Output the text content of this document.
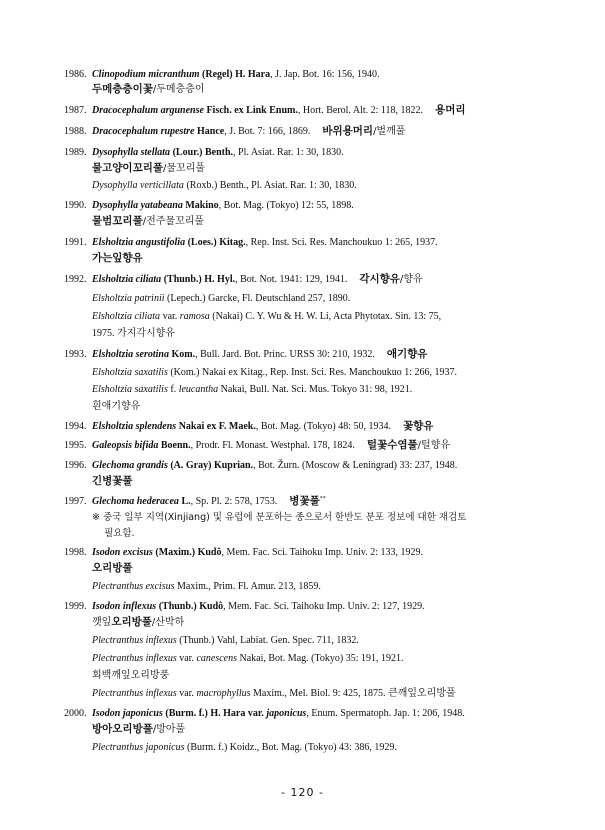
1986. Clinopodium micranthum (Regel) H. Hara, J. Jap. Bot. 16: 156, 1940.
두메층층이꽃/두메층층이
1987. Dracocephalum argunense Fisch. ex Link Enum., Hort. Berol. Alt. 2: 118, 1822. 용머리
1988. Dracocephalum rupestre Hance, J. Bot. 7: 166, 1869. 바위용머리/벌깨풀
1989. Dysophylla stellata (Lour.) Benth., Pl. Asiat. Rar. 1: 30, 1830.
물고양이꼬리풀/물꼬리풀
Dysophylla verticillata (Roxb.) Benth., Pl. Asiat. Rar. 1: 30, 1830.
1990. Dysophylla yatabeana Makino, Bot. Mag. (Tokyo) 12: 55, 1898.
물범꼬리풀/전주물꼬리풀
1991. Elsholtzia angustifolia (Loes.) Kitag., Rep. Inst. Sci. Res. Manchoukuo 1: 265, 1937.
가는잎향유
1992. Elsholtzia ciliata (Thunb.) H. Hyl., Bot. Not. 1941: 129, 1941. 각시향유/향유
Elsholtzia patrinii (Lepech.) Garcke, Fl. Deutschland 257, 1890.
Elsholtzia ciliata var. ramosa (Nakai) C. Y. Wu & H. W. Li, Acta Phytotax. Sin. 13: 75,
1975. 가지각시향유
1993. Elsholtzia serotina Kom., Bull. Jard. Bot. Princ. URSS 30: 210, 1932. 애기향유
Elsholtzia saxatilis (Kom.) Nakai ex Kitag., Rep. Inst. Sci. Res. Manchoukuo 1: 266, 1937.
Elsholtzia saxatilis f. leucantha Nakai, Bull. Nat. Sci. Mus. Tokyo 31: 98, 1921.
흰애기향유
1994. Elsholtzia splendens Nakai ex F. Maek., Bot. Mag. (Tokyo) 48: 50, 1934. 꽃향유
1995. Galeopsis bifida Boenn., Prodr. Fl. Monast. Westphal. 178, 1824. 털꽃수염풀/털향유
1996. Glechoma grandis (A. Gray) Kuprian., Bot. Žurn. (Moscow & Leningrad) 33: 237, 1948.
긴병꽃풀
1997. Glechoma hederacea L., Sp. Pl. 2: 578, 1753. 병꽃풀**
※ 중국 일부 지역(Xinjiang) 및 유럽에 분포하는 종으로서 한반도 분포 정보에 대한 재검토
필요함.
1998. Isodon excisus (Maxim.) Kudô, Mem. Fac. Sci. Taihoku Imp. Univ. 2: 133, 1929.
오리방풀
Plectranthus excisus Maxim., Prim. Fl. Amur. 213, 1859.
1999. Isodon inflexus (Thunb.) Kudô, Mem. Fac. Sci. Taihoku Imp. Univ. 2: 127, 1929.
깻잎오리방풀/산박하
Plectranthus inflexus (Thunb.) Vahl, Labiat. Gen. Spec. 711, 1832.
Plectranthus inflexus var. canescens Nakai, Bot. Mag. (Tokyo) 35: 191, 1921.
회백깨잎오리방풍
Plectranthus inflexus var. macrophyllus Maxim., Mel. Biol. 9: 425, 1875. 큰깨잎오리방풀
2000. Isodon japonicus (Burm. f.) H. Hara var. japonicus, Enum. Spermatoph. Jap. 1: 206, 1948.
방아오리방풀/방아풀
Plectranthus japonicus (Burm. f.) Koidz., Bot. Mag. (Tokyo) 43: 386, 1929.
- 120 -
